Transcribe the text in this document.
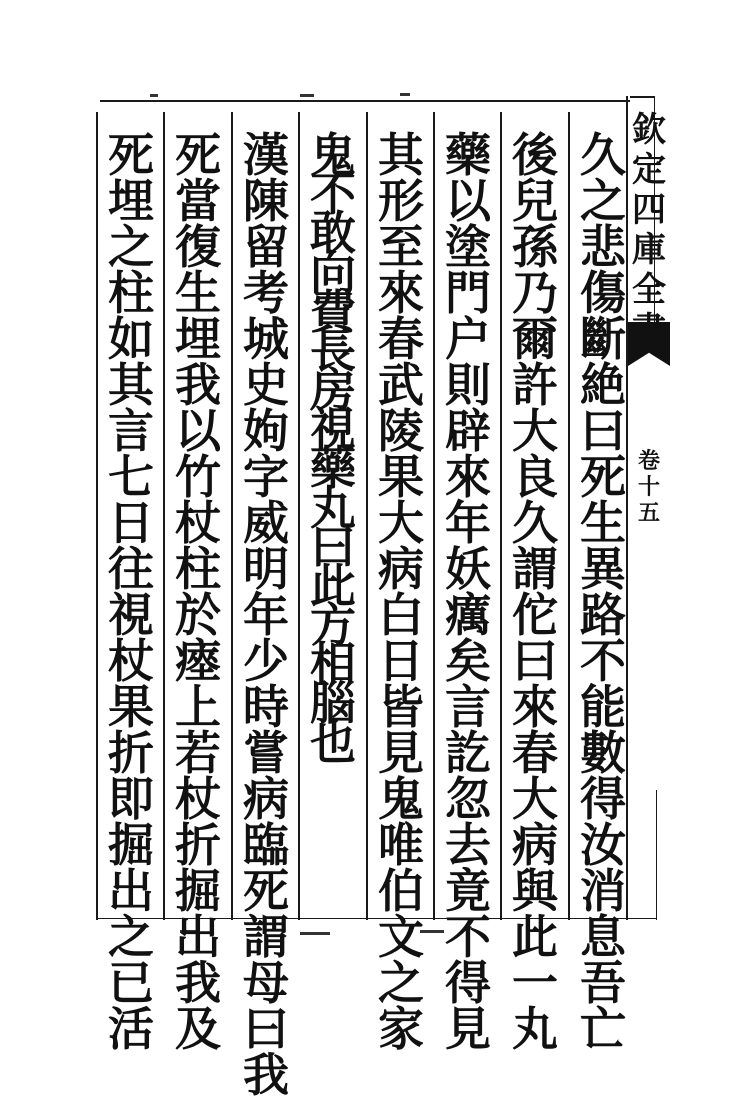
欽
定
四
庫
全
卷
十
五
久
之
悲
傷
斷
絶
曰
死
生
異
路
不
能
數
得
汝
消
息
吾
亡
後
兒
孫
乃
爾
許
大
良
久
謂
佗
曰
來
春
大
病
與
此
一
丸
藥
以
塗
門
户
則
辟
來
年
妖
癘
矣
言
訖
忽
去
竟
不
得
見
其
形
至
來
春
武
陵
果
大
病
白
日
皆
見
鬼
唯
伯
文
之
家
鬼
不
敢
向
費
長
房
視
藥
丸
曰
此
方
相
腦
也
漢
陳
留
考
城
史
姁
字
威
明
年
少
時
嘗
病
臨
死
謂
母
曰
我
死
當
復
生
埋
我
以
竹
杖
柱
於
瘞
上
若
杖
折
掘
出
我
及
死
埋
之
柱
如
其
言
七
日
往
視
杖
果
折
即
掘
出
之
已
活
